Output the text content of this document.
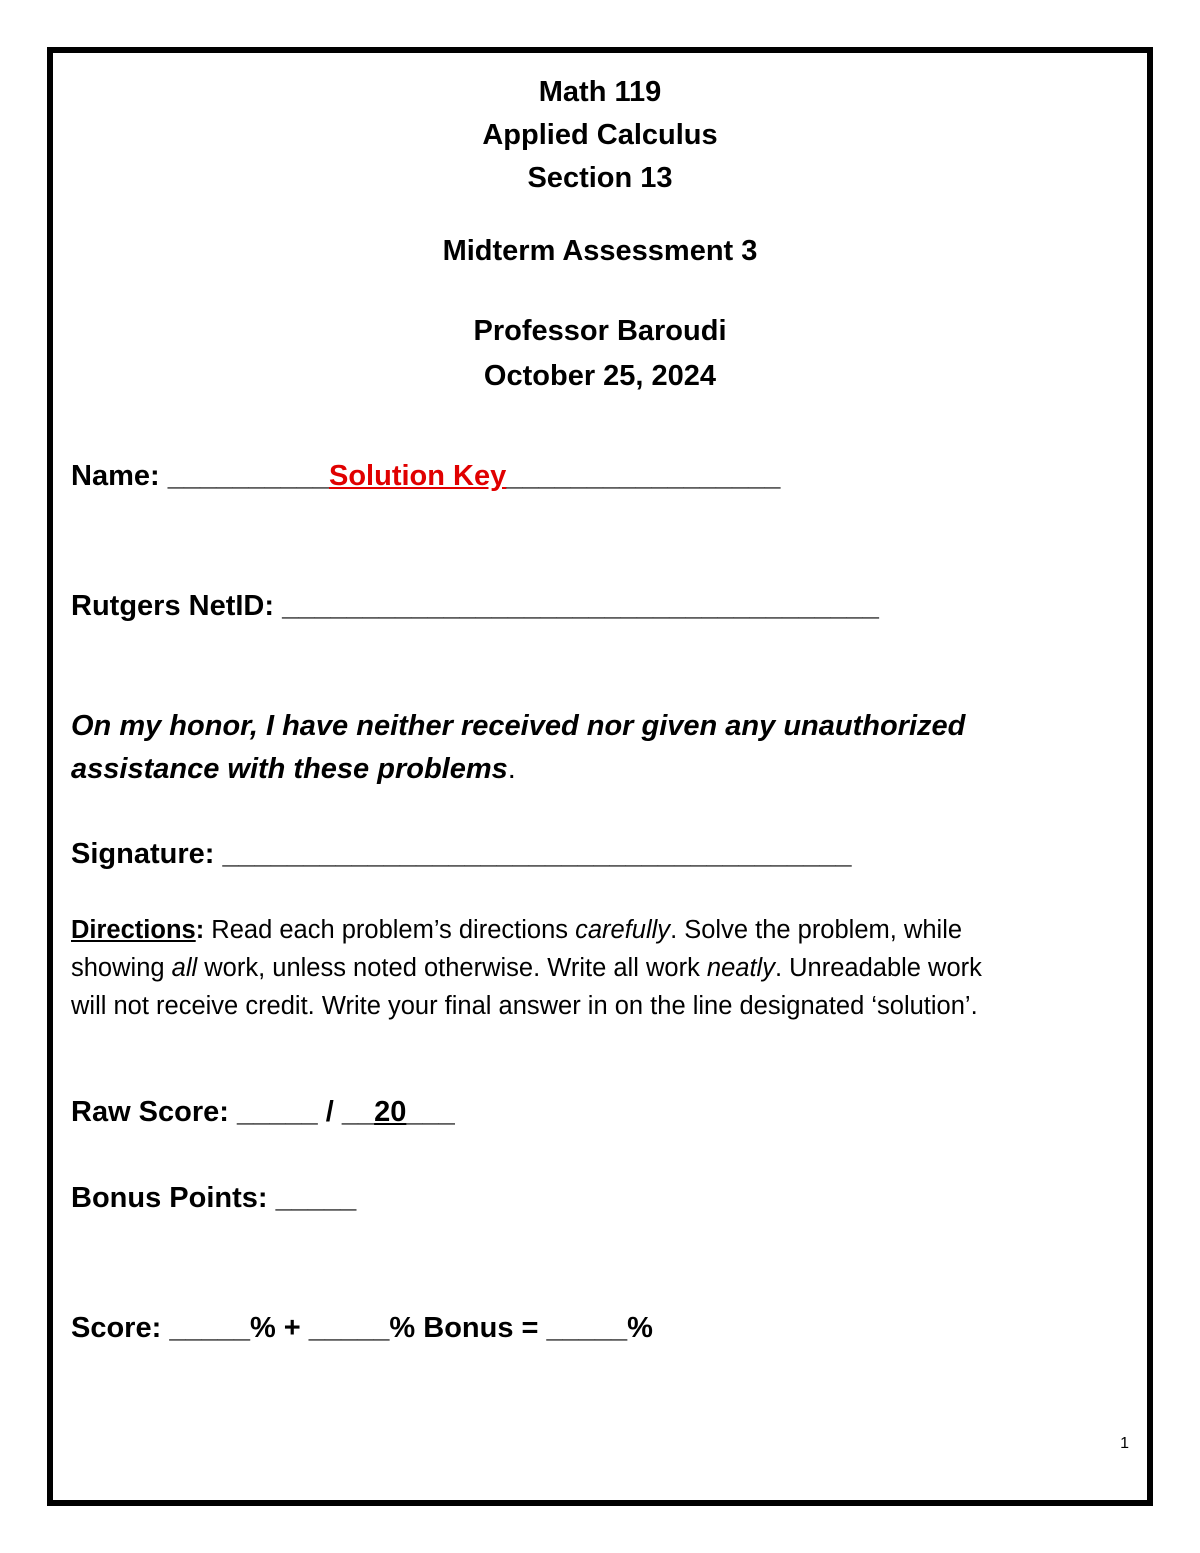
Math 119
Applied Calculus
Section 13
Midterm Assessment 3
Professor Baroudi
October 25, 2024
Name: __________Solution Key_________________
Rutgers NetID: _____________________________________
On my honor, I have neither received nor given any unauthorized
assistance with these problems.
Signature: _______________________________________
Directions: Read each problem’s directions carefully. Solve the problem, while
showing all work, unless noted otherwise. Write all work neatly. Unreadable work
will not receive credit. Write your final answer in on the line designated ‘solution’.
Raw Score: _____ / __20___
Bonus Points: _____
Score: _____% + _____% Bonus = _____%
1
